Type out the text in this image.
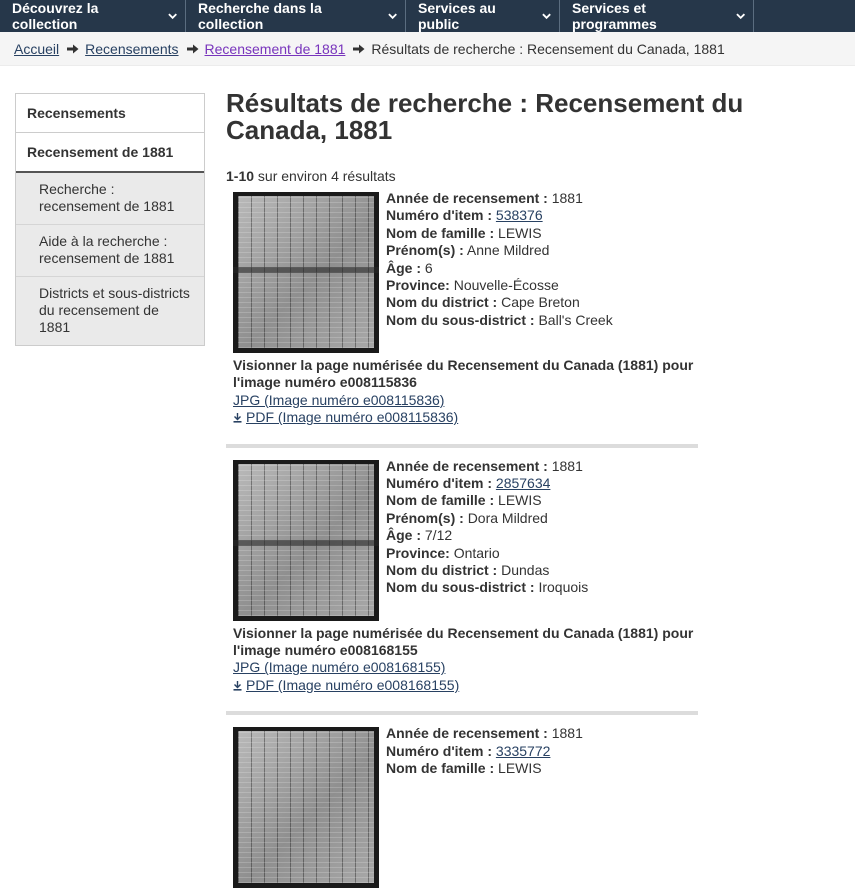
Découvrez la collection
Recherche dans la collection
Services au public
Services et programmes
Accueil Recensements Recensement de 1881 Résultats de recherche : Recensement du Canada, 1881
Recensements
Recensement de 1881
Recherche : recensement de 1881
Aide à la recherche : recensement de 1881
Districts et sous-districts du recensement de 1881
Résultats de recherche : Recensement du Canada, 1881
1-10 sur environ 4 résultats
Année de recensement : 1881
Numéro d'item : 538376
Nom de famille : LEWIS
Prénom(s) : Anne Mildred
Âge : 6
Province: Nouvelle-Écosse
Nom du district : Cape Breton
Nom du sous-district : Ball's Creek
Visionner la page numérisée du Recensement du Canada (1881) pour l'image numéro e008115836
JPG (Image numéro e008115836)
PDF (Image numéro e008115836)
Année de recensement : 1881
Numéro d'item : 2857634
Nom de famille : LEWIS
Prénom(s) : Dora Mildred
Âge : 7/12
Province: Ontario
Nom du district : Dundas
Nom du sous-district : Iroquois
Visionner la page numérisée du Recensement du Canada (1881) pour l'image numéro e008168155
JPG (Image numéro e008168155)
PDF (Image numéro e008168155)
Année de recensement : 1881
Numéro d'item : 3335772
Nom de famille : LEWIS
